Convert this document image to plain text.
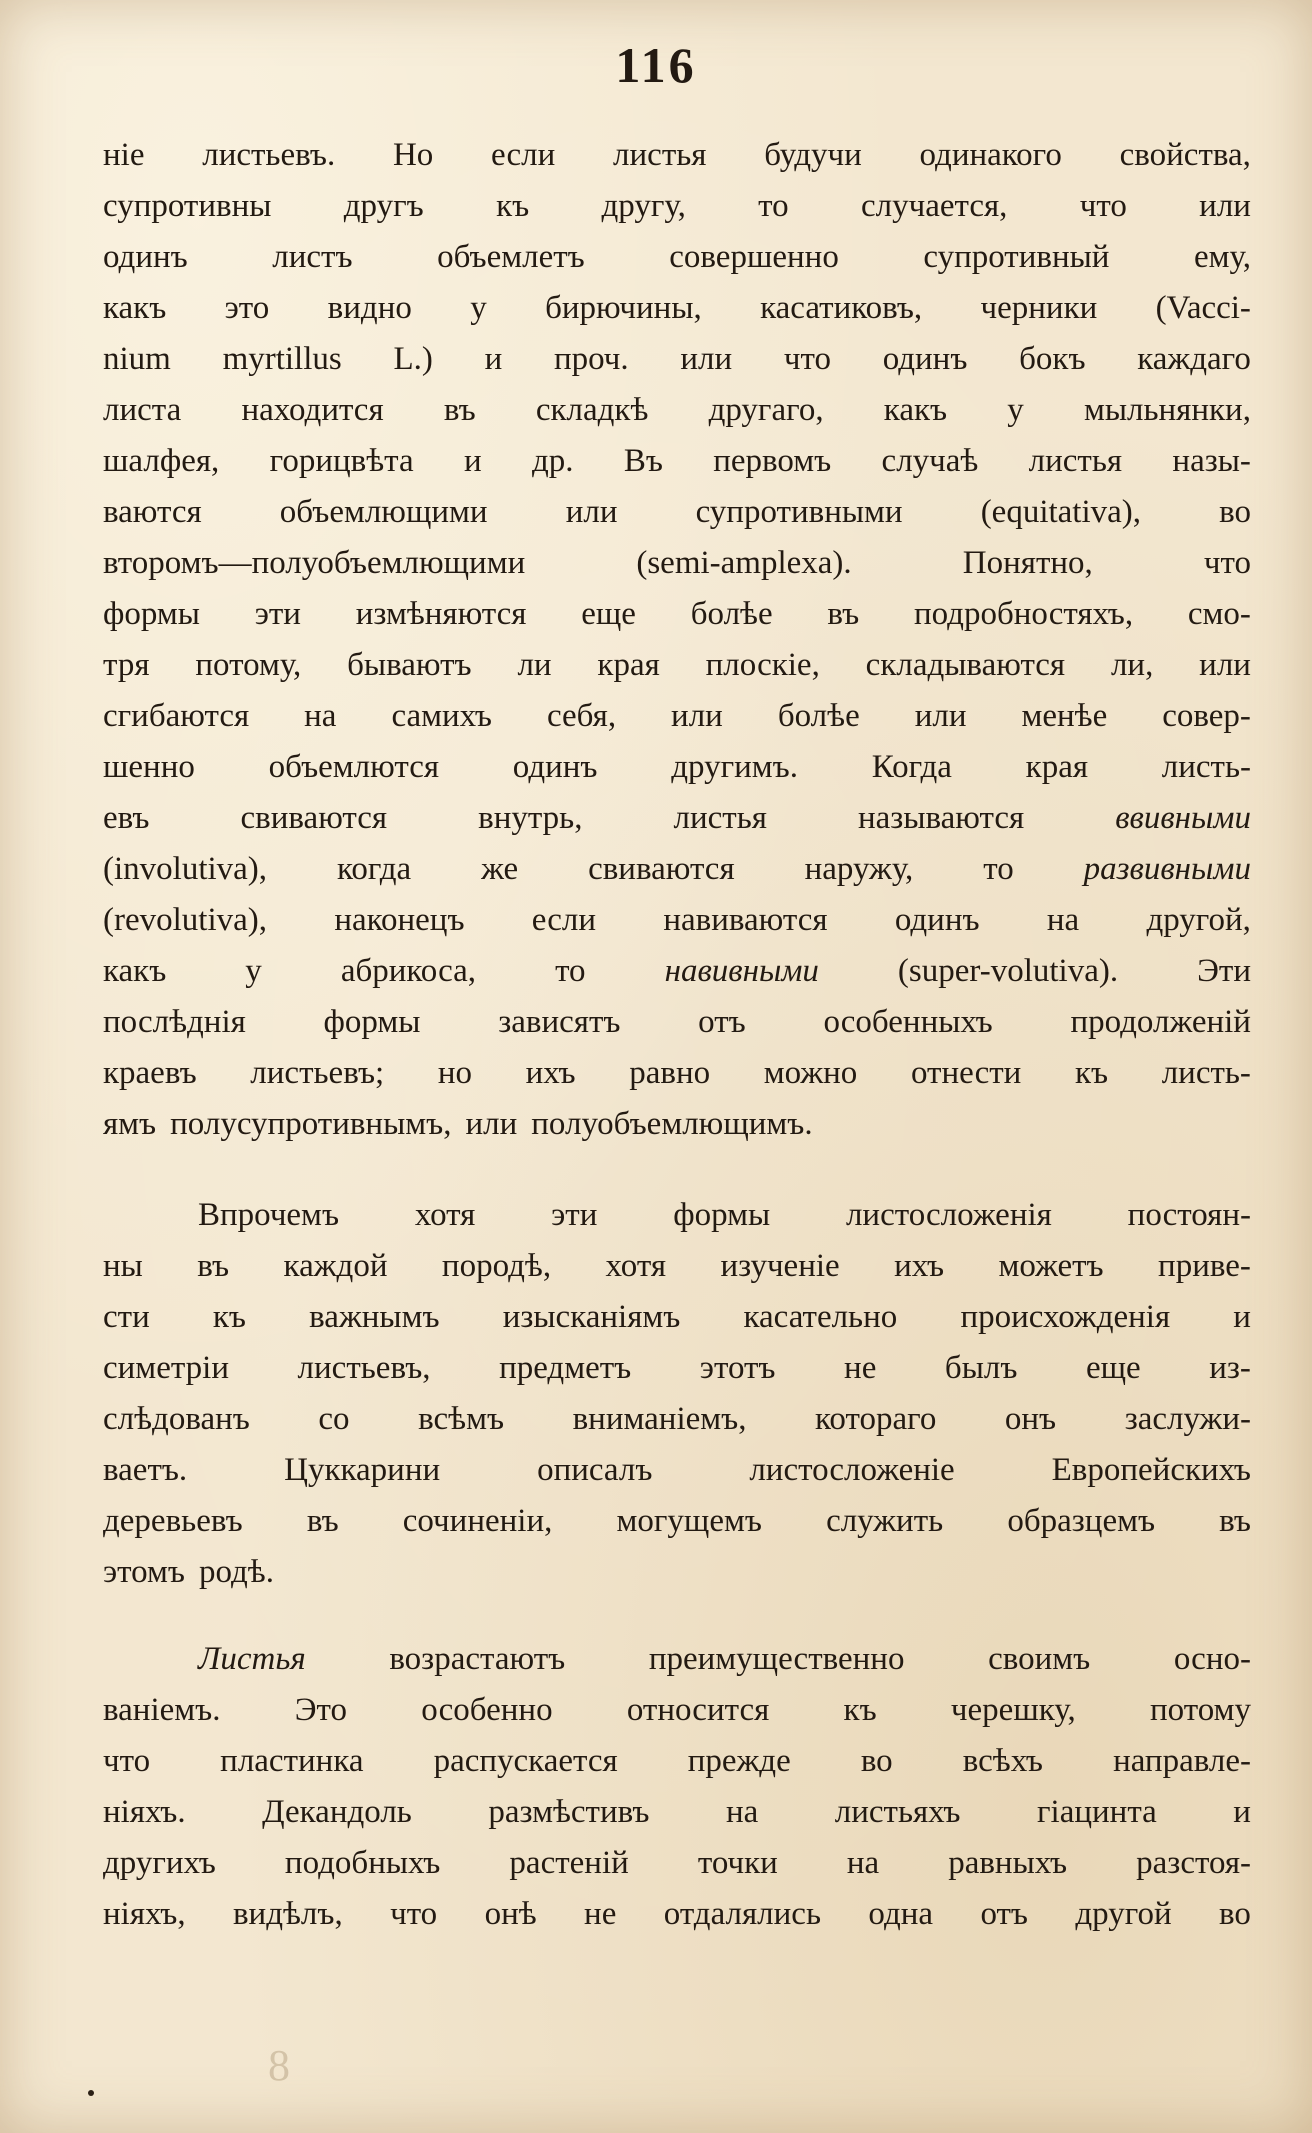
116
ніе листьевъ. Но если листья будучи одинакого свойства,
супротивны другъ къ другу, то случается, что или
одинъ	листъ	объемлетъ	совершенно	супротивный	ему,
какъ это видно у бирючины, касатиковъ, черники (Vacci-
nium myrtillus L.) и проч. или что одинъ бокъ каждаго
листа находится въ складкѣ другаго, какъ у мыльнянки,
шалфея, горицвѣта и др. Въ первомъ случаѣ листья назы-
ваются объемлющими или супротивными (equitativa), во
второмъ—полуобъемлющими	(semi-amplexa).	Понятно,	что
формы эти измѣняются еще болѣе въ подробностяхъ, смо-
тря потому, бываютъ ли края плоскіе, складываются ли, или
сгибаются на самихъ себя, или болѣе или менѣе совер-
шенно объемлются одинъ другимъ. Когда края листь-
евъ	свиваются	внутрь,	листья	называются	ввивными
(involutiva), когда же свиваются наружу, то развивными
(revolutiva), наконецъ если навиваются одинъ на другой,
какъ у абрикоса, то навивными (super-volutiva). Эти
послѣднія формы зависятъ отъ особенныхъ продолженій
краевъ листьевъ; но ихъ равно можно отнести къ листь-
ямъ полусупротивнымъ, или полуобъемлющимъ.
Впрочемъ хотя эти формы листосложенія постоян-
ны въ каждой породѣ, хотя изученіе ихъ можетъ приве-
сти къ важнымъ изысканіямъ касательно происхожденія и
симетріи листьевъ, предметъ этотъ не былъ еще из-
слѣдованъ со всѣмъ вниманіемъ, котораго онъ заслужи-
ваетъ.	Цуккарини	описалъ	листосложеніе	Европейскихъ
деревьевъ въ сочиненіи, могущемъ служить образцемъ въ
этомъ родѣ.
Листья	возрастаютъ	преимущественно	своимъ	осно-
ваніемъ. Это особенно относится къ черешку, потому
что пластинка распускается прежде во всѣхъ направле-
ніяхъ. Декандоль размѣстивъ на листьяхъ гіацинта и
другихъ подобныхъ растеній точки на равныхъ разстоя-
ніяхъ, видѣлъ, что онѣ не отдалялись одна отъ другой во
8
